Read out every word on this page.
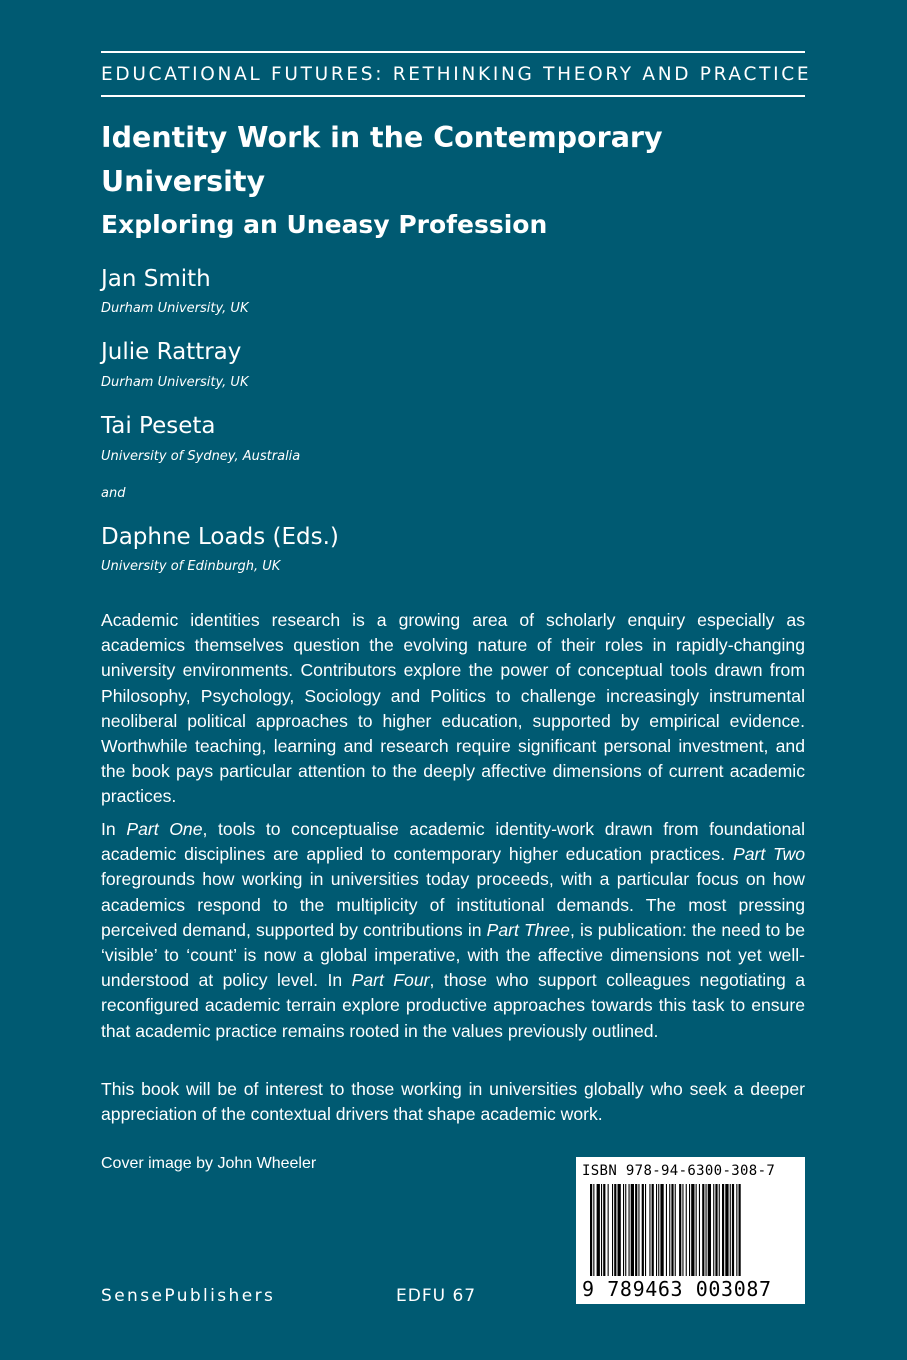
EDUCATIONAL FUTURES: RETHINKING THEORY AND PRACTICE
Identity Work in the Contemporary
University
Exploring an Uneasy Profession
Jan Smith
Durham University, UK
Julie Rattray
Durham University, UK
Tai Peseta
University of Sydney, Australia
and
Daphne Loads (Eds.)
University of Edinburgh, UK

Academic identities research is a growing area of scholarly enquiry especially as academics themselves question the evolving nature of their roles in rapidly-changing university environments. Contributors explore the power of conceptual tools drawn from Philosophy, Psychology, Sociology and Politics to challenge increasingly instrumental neoliberal political approaches to higher education, supported by empirical evidence. Worthwhile teaching, learning and research require significant personal investment, and the book pays particular attention to the deeply affective dimensions of current academic practices.

In Part One, tools to conceptualise academic identity-work drawn from foundational academic disciplines are applied to contemporary higher education practices. Part Two foregrounds how working in universities today proceeds, with a particular focus on how academics respond to the multiplicity of institutional demands. The most pressing perceived demand, supported by contributions in Part Three, is publication: the need to be ‘visible’ to ‘count’ is now a global imperative, with the affective dimensions not yet well-understood at policy level. In Part Four, those who support colleagues negotiating a reconfigured academic terrain explore productive approaches towards this task to ensure that academic practice remains rooted in the values previously outlined.

This book will be of interest to those working in universities globally who seek a deeper appreciation of the contextual drivers that shape academic work.

Cover image by John Wheeler
SensePublishers	EDFU 67
ISBN 978-94-6300-308-7
9 789463 003087
